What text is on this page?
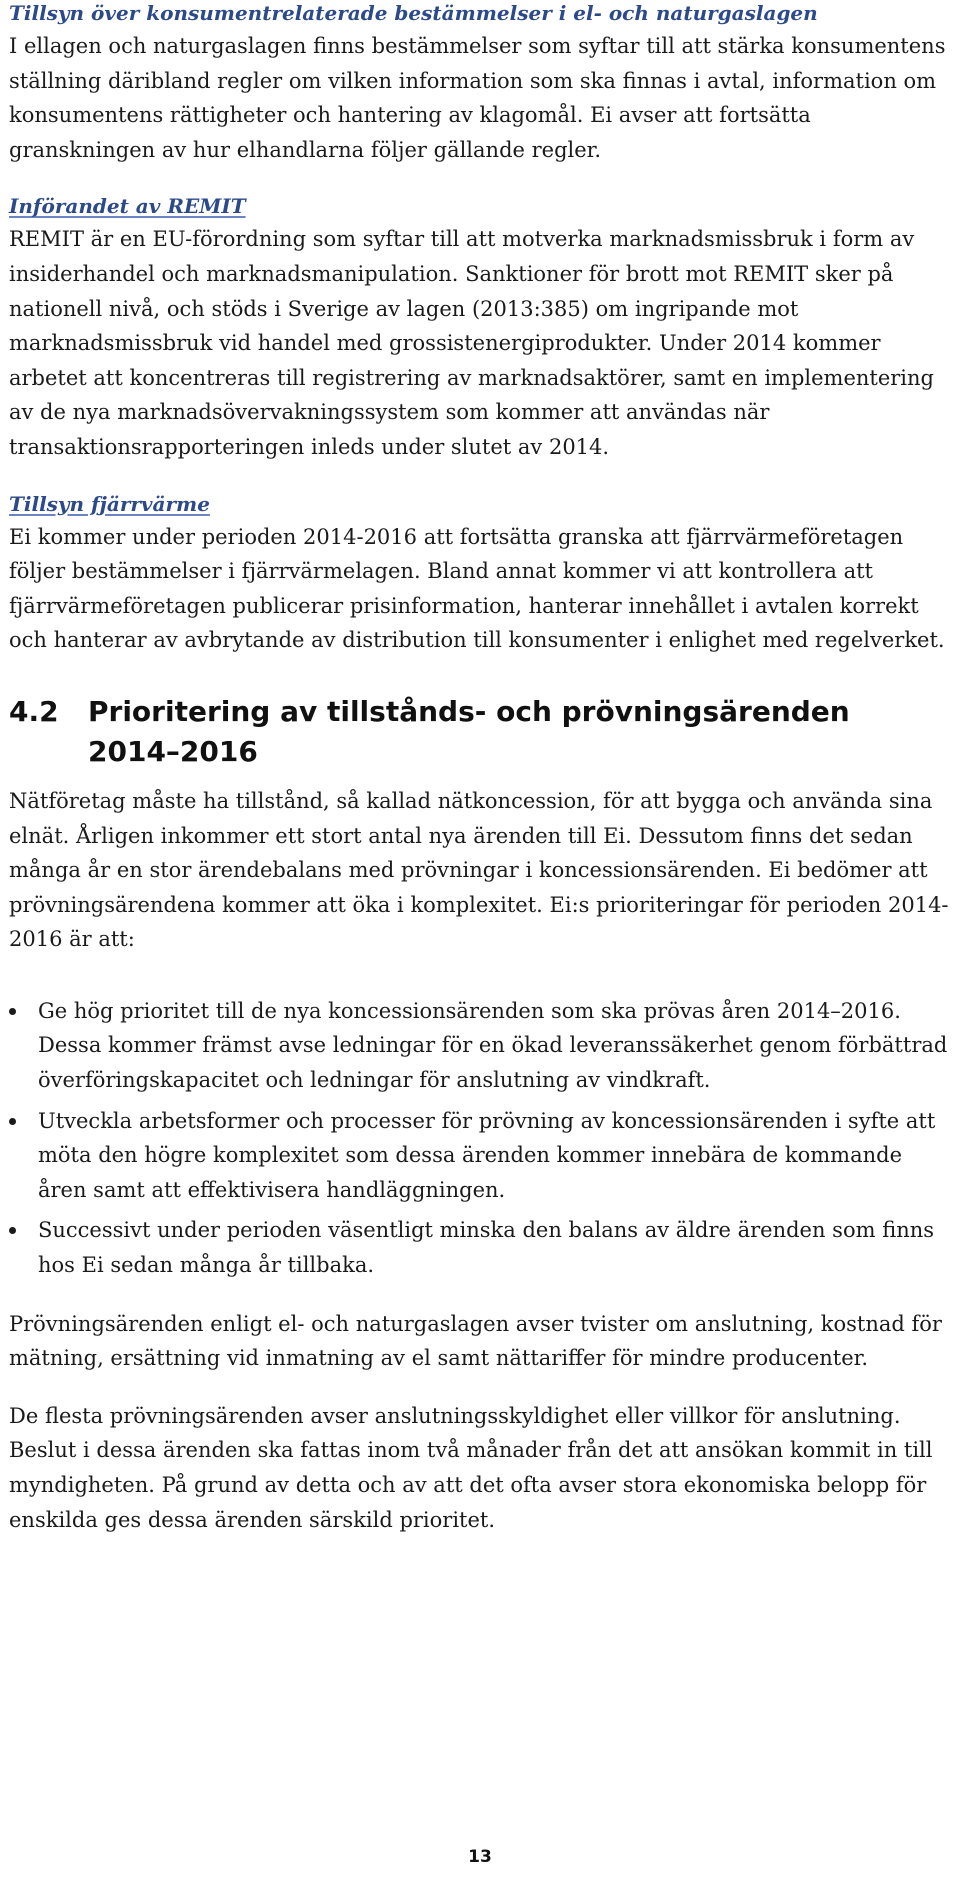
Tillsyn över konsumentrelaterade bestämmelser i el- och naturgaslagen

I ellagen och naturgaslagen finns bestämmelser som syftar till att stärka konsumentens ställning däribland regler om vilken information som ska finnas i avtal, information om konsumentens rättigheter och hantering av klagomål. Ei avser att fortsätta granskningen av hur elhandlarna följer gällande regler.

Införandet av REMIT

REMIT är en EU-förordning som syftar till att motverka marknadsmissbruk i form av insiderhandel och marknadsmanipulation. Sanktioner för brott mot REMIT sker på nationell nivå, och stöds i Sverige av lagen (2013:385) om ingripande mot marknadsmissbruk vid handel med grossistenergiprodukter. Under 2014 kommer arbetet att koncentreras till registrering av marknadsaktörer, samt en implementering av de nya marknadsövervakningssystem som kommer att användas när transaktionsrapporteringen inleds under slutet av 2014.

Tillsyn fjärrvärme

Ei kommer under perioden 2014-2016 att fortsätta granska att fjärrvärmeföretagen följer bestämmelser i fjärrvärmelagen. Bland annat kommer vi att kontrollera att fjärrvärmeföretagen publicerar prisinformation, hanterar innehållet i avtalen korrekt och hanterar av avbrytande av distribution till konsumenter i enlighet med regelverket.

4.2	Prioritering av tillstånds- och prövningsärenden 2014–2016

Nätföretag måste ha tillstånd, så kallad nätkoncession, för att bygga och använda sina elnät. Årligen inkommer ett stort antal nya ärenden till Ei. Dessutom finns det sedan många år en stor ärendebalans med prövningar i koncessionsärenden. Ei bedömer att prövningsärendena kommer att öka i komplexitet. Ei:s prioriteringar för perioden 2014-2016 är att:

Ge hög prioritet till de nya koncessionsärenden som ska prövas åren 2014–2016. Dessa kommer främst avse ledningar för en ökad leveranssäkerhet genom förbättrad överföringskapacitet och ledningar för anslutning av vindkraft.
Utveckla arbetsformer och processer för prövning av koncessionsärenden i syfte att möta den högre komplexitet som dessa ärenden kommer innebära de kommande åren samt att effektivisera handläggningen.
Successivt under perioden väsentligt minska den balans av äldre ärenden som finns hos Ei sedan många år tillbaka.

Prövningsärenden enligt el- och naturgaslagen avser tvister om anslutning, kostnad för mätning, ersättning vid inmatning av el samt nättariffer för mindre producenter.

De flesta prövningsärenden avser anslutningsskyldighet eller villkor för anslutning. Beslut i dessa ärenden ska fattas inom två månader från det att ansökan kommit in till myndigheten. På grund av detta och av att det ofta avser stora ekonomiska belopp för enskilda ges dessa ärenden särskild prioritet.

13
